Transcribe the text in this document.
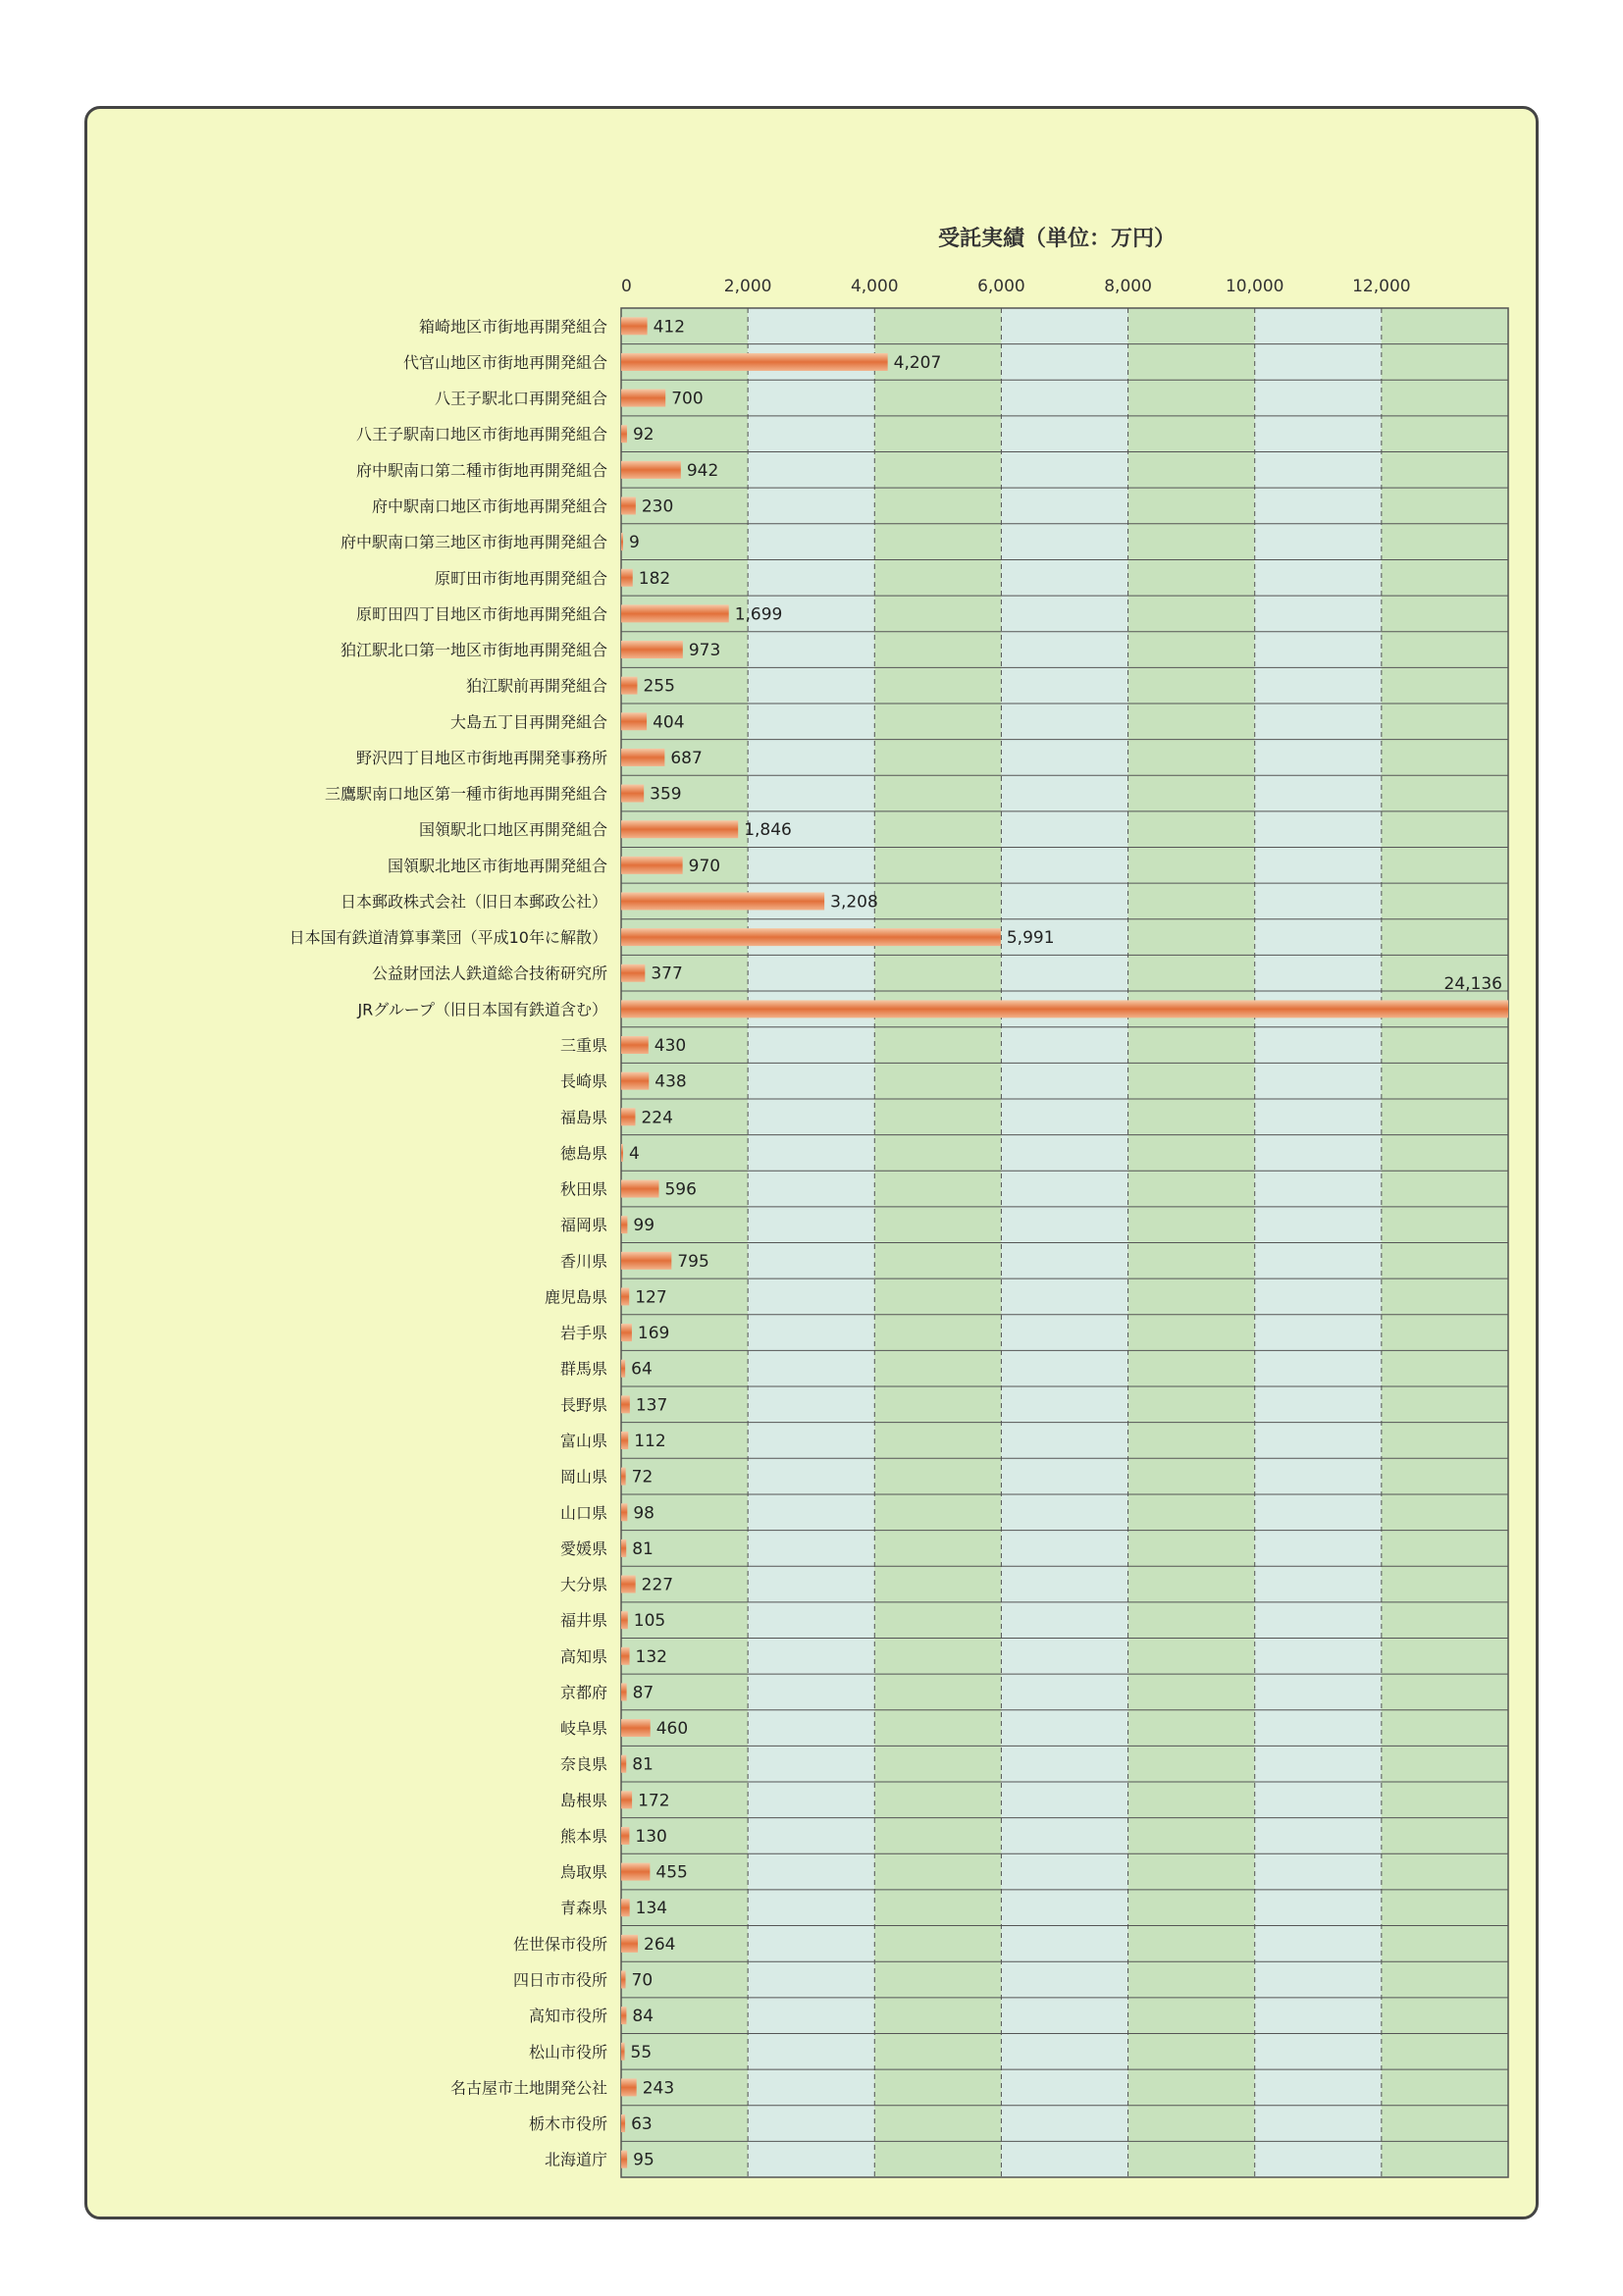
受託実績（単位：万円）
0	2,000	4,000	6,000	8,000	10,000	12,000
箱崎地区市街地再開発組合
代官山地区市街地再開発組合
八王子駅北口再開発組合
八王子駅南口地区市街地再開発組合
府中駅南口第二種市街地再開発組合
府中駅南口地区市街地再開発組合
府中駅南口第三地区市街地再開発組合
原町田市街地再開発組合
原町田四丁目地区市街地再開発組合
狛江駅北口第一地区市街地再開発組合
狛江駅前再開発組合
大島五丁目再開発組合
野沢四丁目地区市街地再開発事務所
三鷹駅南口地区第一種市街地再開発組合
国領駅北口地区再開発組合
国領駅北地区市街地再開発組合
日本郵政株式会社（旧日本郵政公社）
日本国有鉄道清算事業団（平成10年に解散）
公益財団法人鉄道総合技術研究所
JRグループ（旧日本国有鉄道含む）
三重県
長崎県
福島県
徳島県
秋田県
福岡県
香川県
鹿児島県
岩手県
群馬県
長野県
富山県
岡山県
山口県
愛媛県
大分県
福井県
高知県
京都府
岐阜県
奈良県
島根県
熊本県
鳥取県
青森県
佐世保市役所
四日市市役所
高知市役所
松山市役所
名古屋市土地開発公社
栃木市役所
北海道庁
412
4,207
700
92
942
230
9
182
1,699
973
255
404
687
359
1,846
970
3,208
5,991
377
24,136
430
438
224
4
596
99
795
127
169
64
137
112
72
98
81
227
105
132
87
460
81
172
130
455
134
264
70
84
55
243
63
95
